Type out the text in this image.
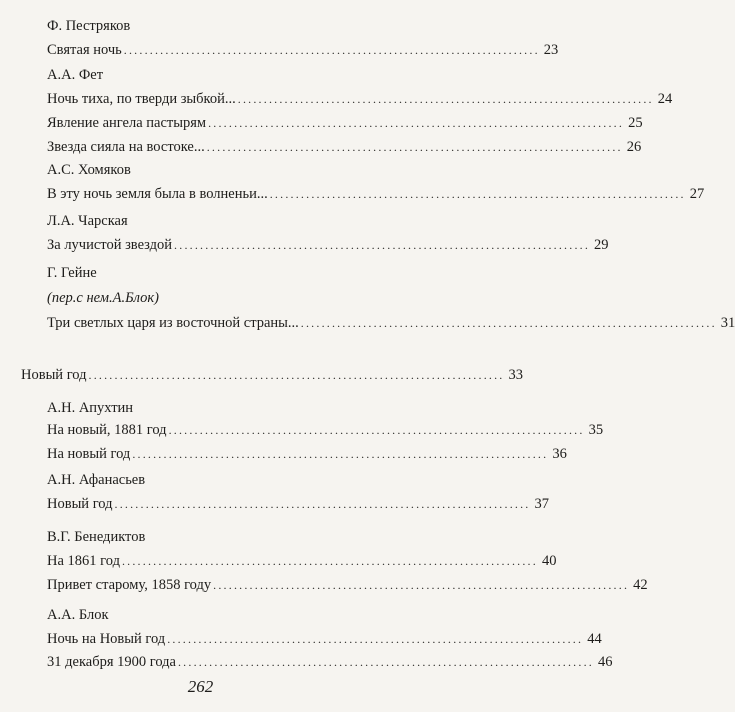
Ф. Пестряков
Святая ночь ................................................................................ 23
А.А. Фет
Ночь тиха, по тверди зыбкой... ................................................................................ 24
Явление ангела пастырям ................................................................................ 25
Звезда сияла на востоке... ................................................................................ 26
А.С. Хомяков
В эту ночь земля была в волненьи... ................................................................................ 27
Л.А. Чарская
За лучистой звездой ................................................................................ 29
Г. Гейне
(пер.с нем.А.Блок)
Три светлых царя из восточной страны... ................................................................................ 31
Новый год ................................................................................ 33
А.Н. Апухтин
На новый, 1881 год ................................................................................ 35
На новый год ................................................................................ 36
А.Н. Афанасьев
Новый год ................................................................................ 37
В.Г. Бенедиктов
На 1861 год ................................................................................ 40
Привет старому, 1858 году ................................................................................ 42
А.А. Блок
Ночь на Новый год ................................................................................ 44
31 декабря 1900 года ................................................................................ 46
262
